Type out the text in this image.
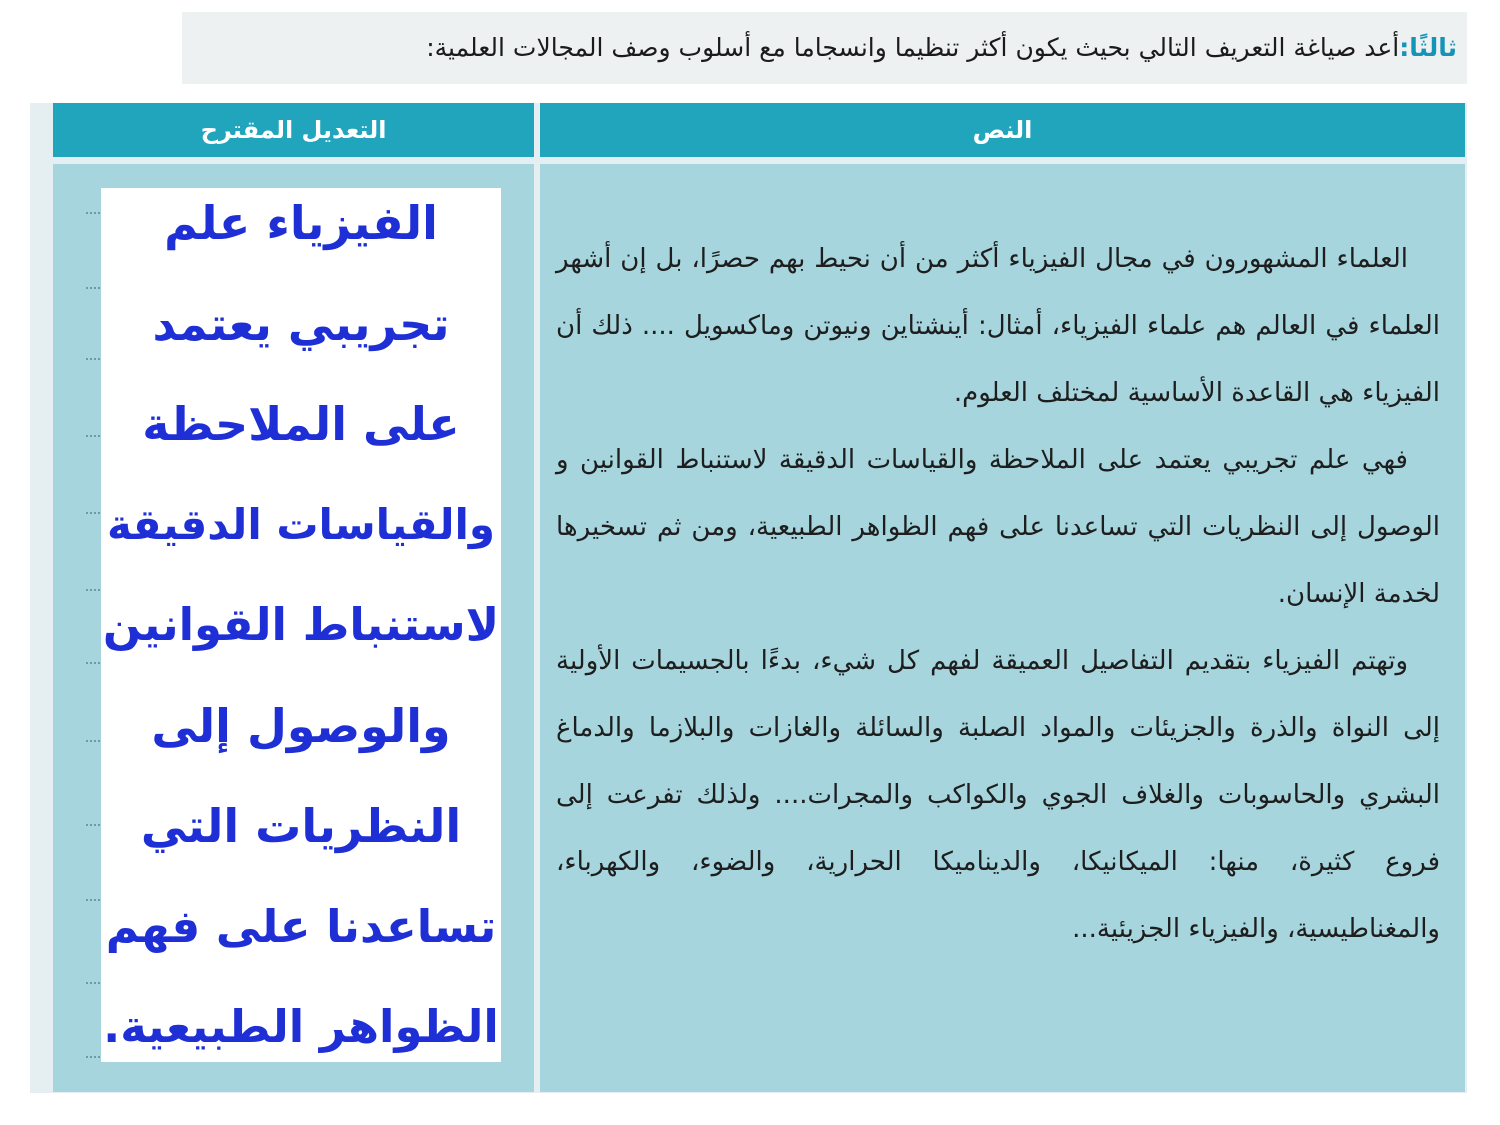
ثالثًا:
أعد صياغة التعريف التالي بحيث يكون أكثر تنظيما وانسجاما مع أسلوب وصف المجالات العلمية:
النص
التعديل المقترح

العلماء المشهورون في مجال الفيزياء أكثر من أن نحيط بهم حصرًا، بل إن أشهر العلماء في العالم هم علماء الفيزياء، أمثال: أينشتاين ونيوتن وماكسويل .... ذلك أن الفيزياء هي القاعدة الأساسية لمختلف العلوم.

فهي علم تجريبي يعتمد على الملاحظة والقياسات الدقيقة لاستنباط القوانين و الوصول إلى النظريات التي تساعدنا على فهم الظواهر الطبيعية، ومن ثم تسخيرها لخدمة الإنسان.

وتهتم الفيزياء بتقديم التفاصيل العميقة لفهم كل شيء، بدءًا بالجسيمات الأولية إلى النواة والذرة والجزيئات والمواد الصلبة والسائلة والغازات والبلازما والدماغ البشري والحاسوبات والغلاف الجوي والكواكب والمجرات.... ولذلك تفرعت إلى فروع كثيرة، منها: الميكانيكا، والديناميكا الحرارية، والضوء، والكهرباء، والمغناطيسية، والفيزياء الجزيئية...

الفيزياء علم
تجريبي يعتمد
على الملاحظة
والقياسات الدقيقة
لاستنباط القوانين
والوصول إلى
النظريات التي
تساعدنا على فهم
الظواهر الطبيعية.
